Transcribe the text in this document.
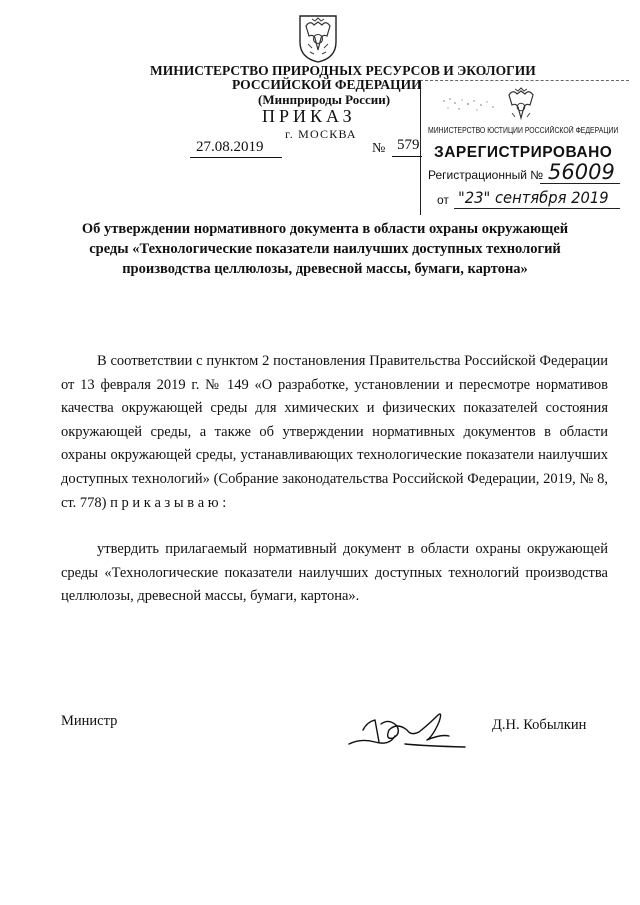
МИНИСТЕРСТВО ПРИРОДНЫХ РЕСУРСОВ И ЭКОЛОГИИ
РОССИЙСКОЙ ФЕДЕРАЦИИ
(Минприроды России)
ПРИКАЗ
г. МОСКВА
27.08.2019	№ 579
МИНИСТЕРСТВО ЮСТИЦИИ РОССИЙСКОЙ ФЕДЕРАЦИИ
ЗАРЕГИСТРИРОВАНО
Регистрационный № 56009
от "23" сентября 2019
Об утверждении нормативного документа в области охраны окружающей среды «Технологические показатели наилучших доступных технологий производства целлюлозы, древесной массы, бумаги, картона»
В соответствии с пунктом 2 постановления Правительства Российской Федерации от 13 февраля 2019 г. № 149 «О разработке, установлении и пересмотре нормативов качества окружающей среды для химических и физических показателей состояния окружающей среды, а также об утверждении нормативных документов в области охраны окружающей среды, устанавливающих технологические показатели наилучших доступных технологий» (Собрание законодательства Российской Федерации, 2019, № 8, ст. 778) п р и к а з ы в а ю :
утвердить прилагаемый нормативный документ в области охраны окружающей среды «Технологические показатели наилучших доступных технологий производства целлюлозы, древесной массы, бумаги, картона».
Министр	Д.Н. Кобылкин
